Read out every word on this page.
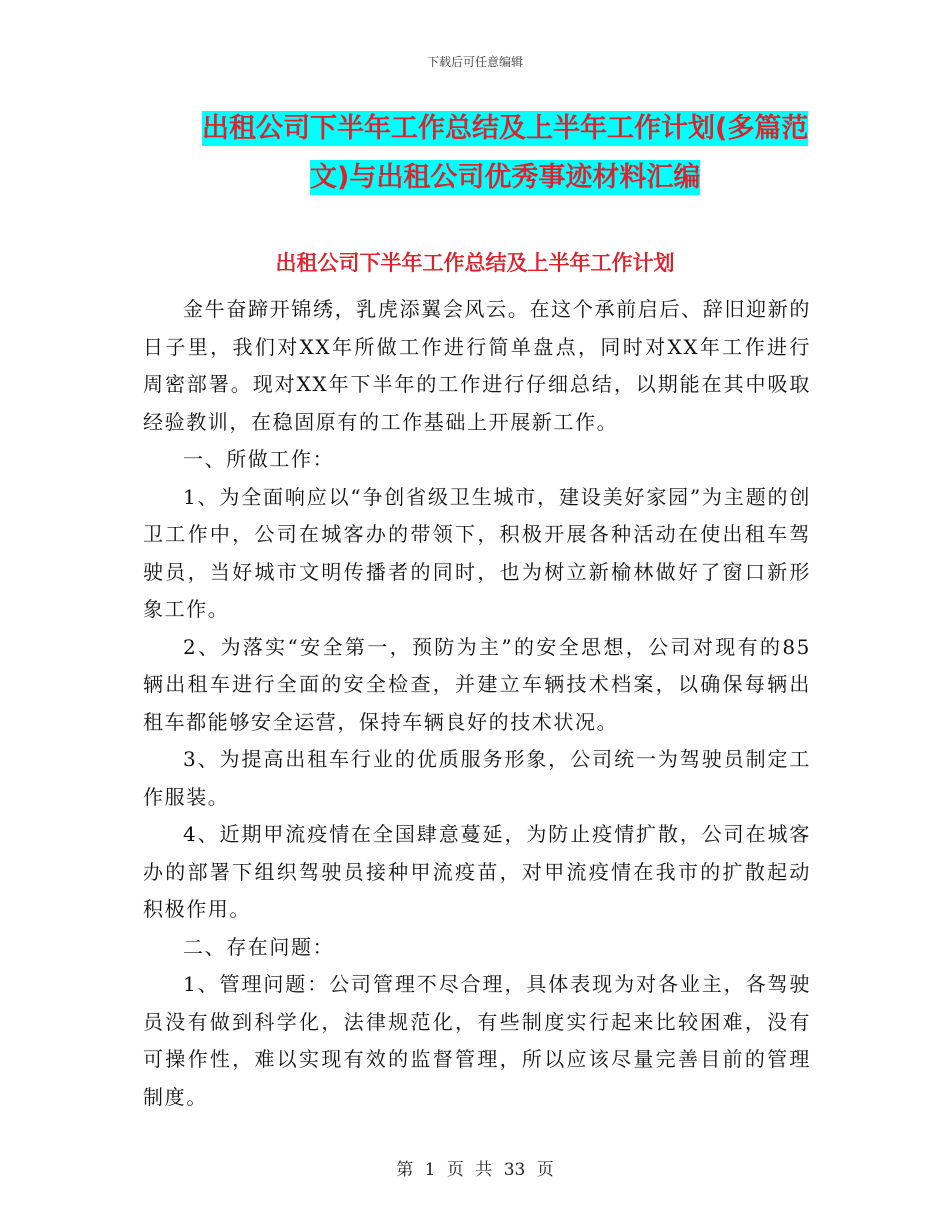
下载后可任意编辑
出租公司下半年工作总结及上半年工作计划(多篇范
文)与出租公司优秀事迹材料汇编
出租公司下半年工作总结及上半年工作计划

金牛奋蹄开锦绣，乳虎添翼会风云。在这个承前启后、辞旧迎新的日子里，我们对XX年所做工作进行简单盘点，同时对XX年工作进行周密部署。现对XX年下半年的工作进行仔细总结，以期能在其中吸取经验教训，在稳固原有的工作基础上开展新工作。

一、所做工作：

1、为全面响应以“争创省级卫生城市，建设美好家园”为主题的创卫工作中，公司在城客办的带领下，积极开展各种活动在使出租车驾驶员，当好城市文明传播者的同时，也为树立新榆林做好了窗口新形象工作。

2、为落实“安全第一，预防为主”的安全思想，公司对现有的85辆出租车进行全面的安全检查，并建立车辆技术档案，以确保每辆出租车都能够安全运营，保持车辆良好的技术状况。

3、为提高出租车行业的优质服务形象，公司统一为驾驶员制定工作服装。

4、近期甲流疫情在全国肆意蔓延，为防止疫情扩散，公司在城客办的部署下组织驾驶员接种甲流疫苗，对甲流疫情在我市的扩散起动积极作用。

二、存在问题：

1、管理问题：公司管理不尽合理，具体表现为对各业主，各驾驶员没有做到科学化，法律规范化，有些制度实行起来比较困难，没有可操作性，难以实现有效的监督管理，所以应该尽量完善目前的管理制度。

第 1 页 共 33 页
